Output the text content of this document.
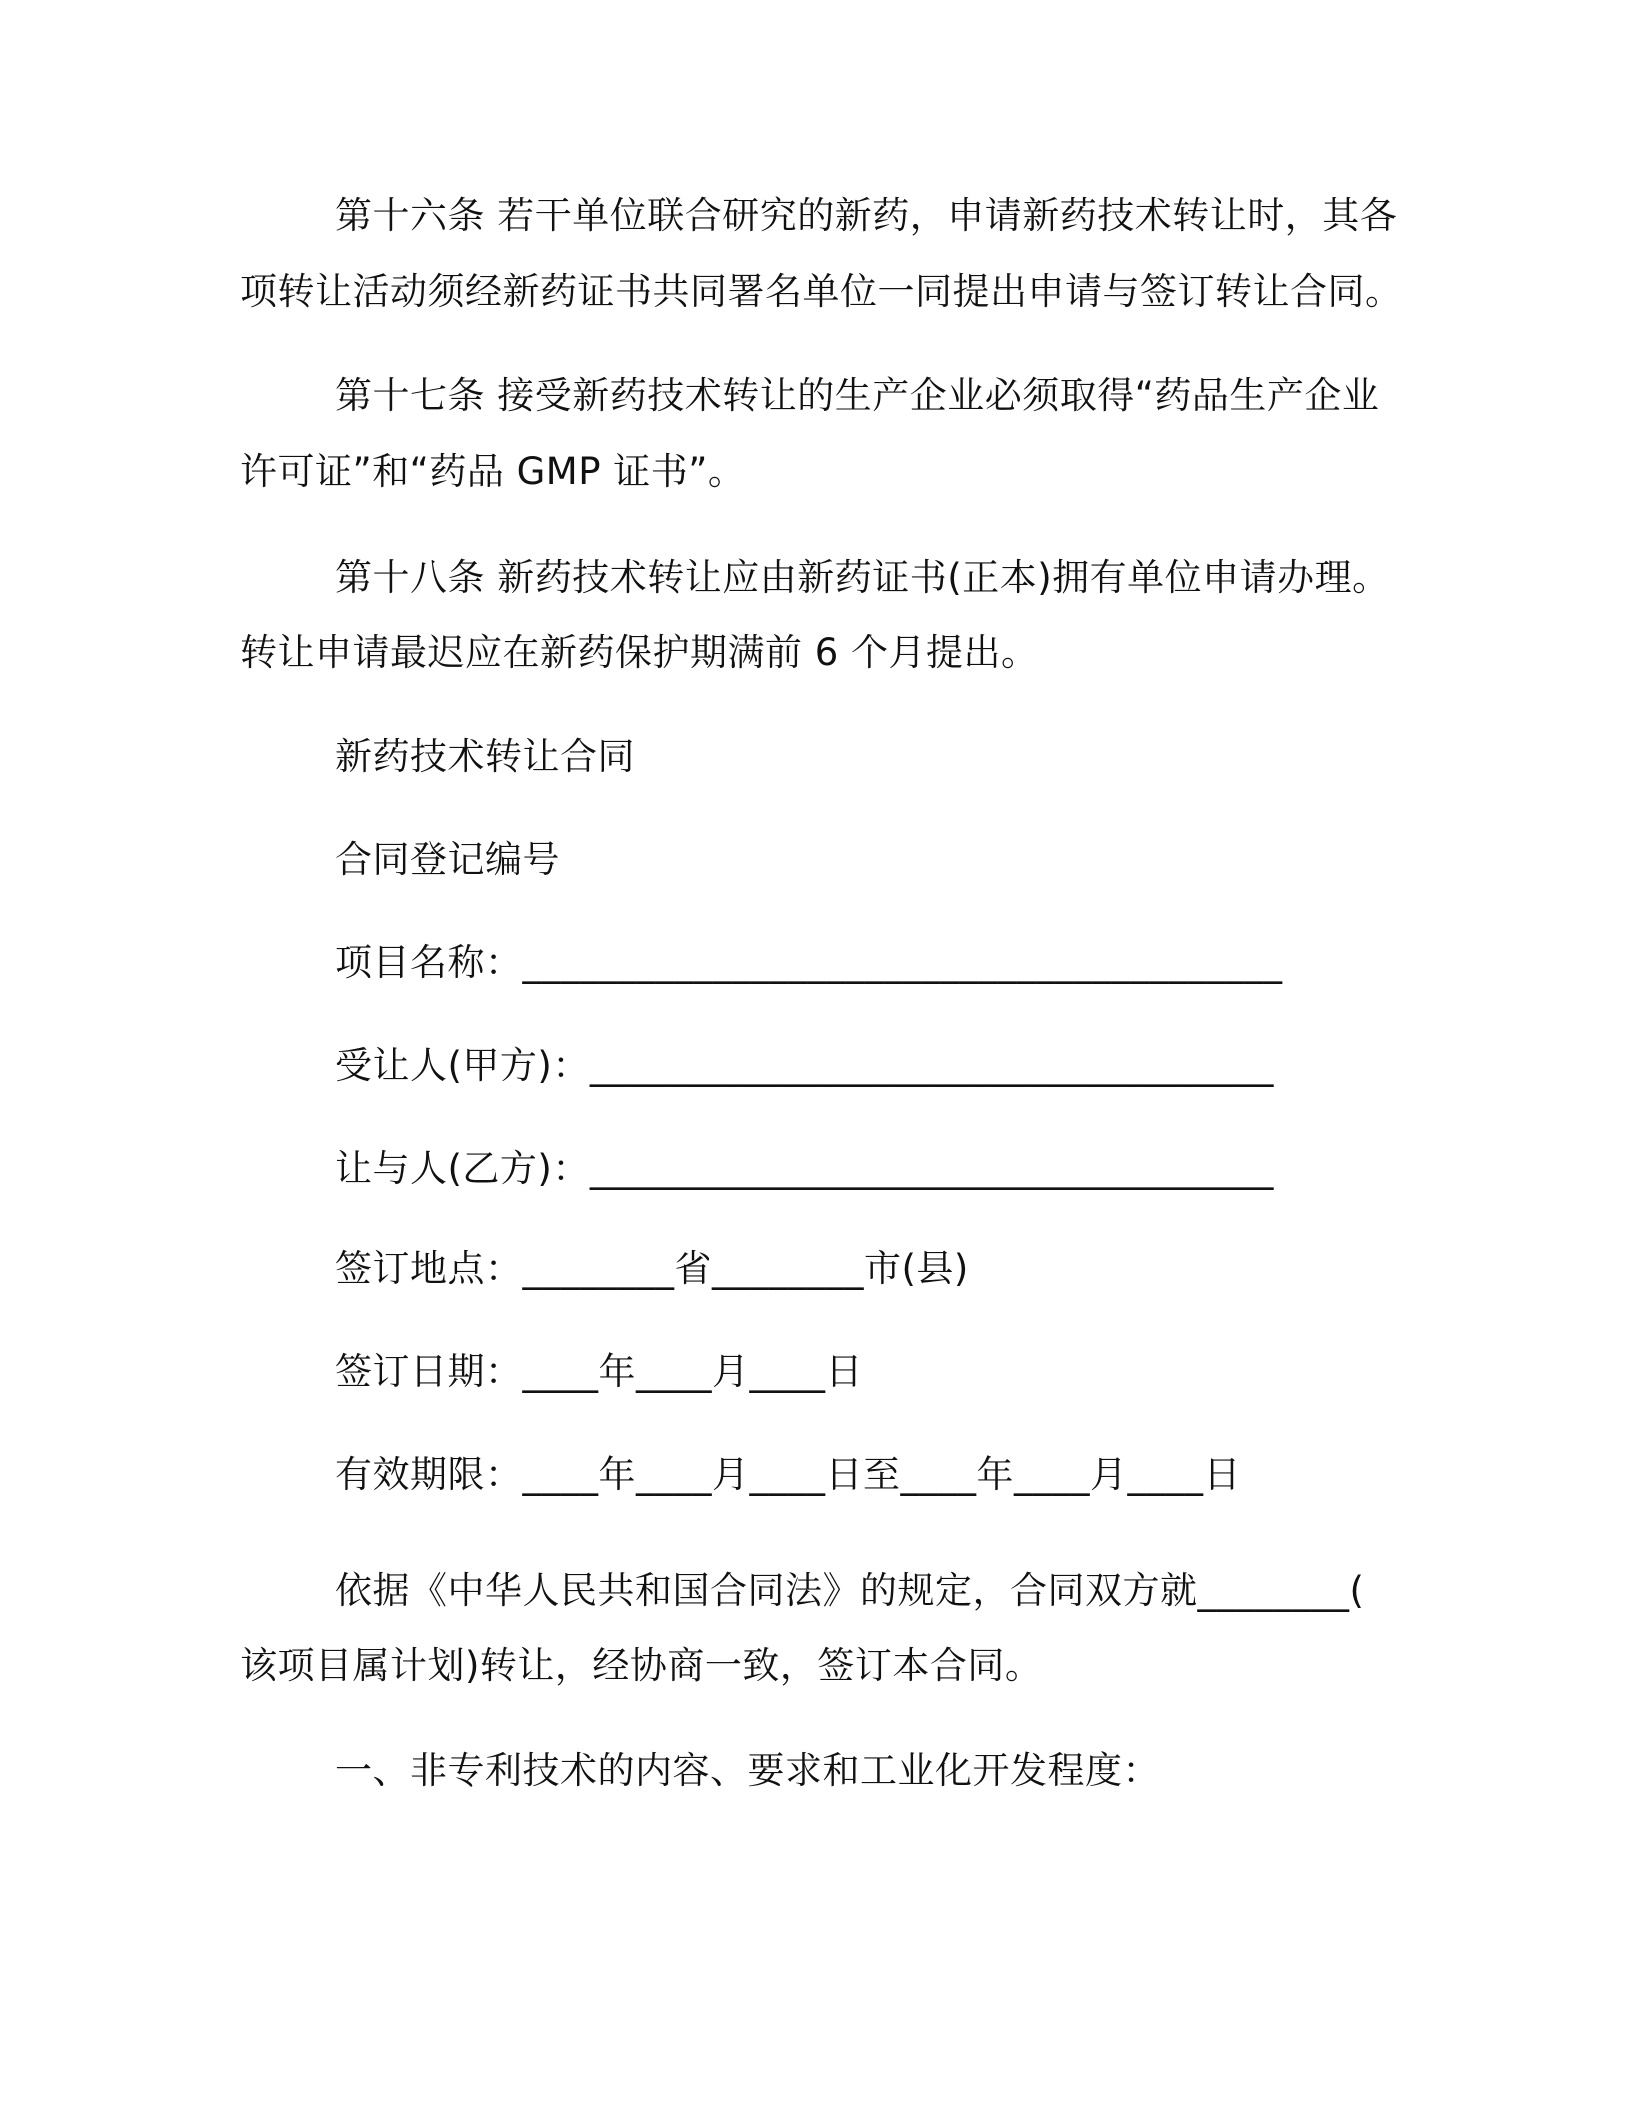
第十六条 若干单位联合研究的新药，申请新药技术转让时，其各
项转让活动须经新药证书共同署名单位一同提出申请与签订转让合同。
第十七条 接受新药技术转让的生产企业必须取得“药品生产企业
许可证”和“药品 GMP 证书”。
第十八条 新药技术转让应由新药证书(正本)拥有单位申请办理。
转让申请最迟应在新药保护期满前 6 个月提出。
新药技术转让合同
合同登记编号
项目名称：________________________________________
受让人(甲方)：____________________________________
让与人(乙方)：____________________________________
签订地点：________省________市(县)
签订日期：____年____月____日
有效期限：____年____月____日至____年____月____日
依据《中华人民共和国合同法》的规定，合同双方就________(
该项目属计划)转让，经协商一致，签订本合同。
一、非专利技术的内容、要求和工业化开发程度：
